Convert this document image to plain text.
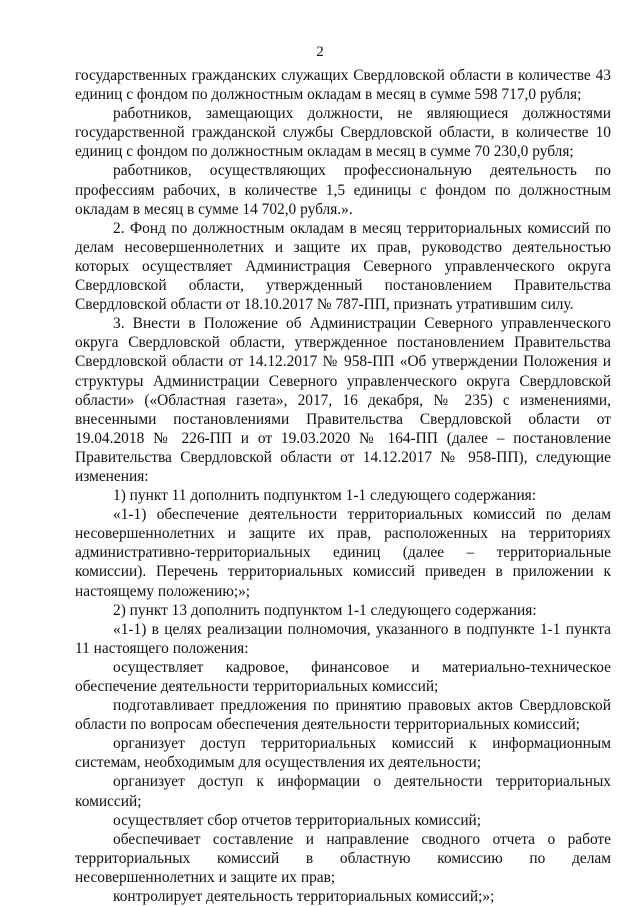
2

государственных гражданских служащих Свердловской области в количестве 43 единиц с фондом по должностным окладам в месяц в сумме 598 717,0 рубля;

работников, замещающих должности, не являющиеся должностями государственной гражданской службы Свердловской области, в количестве 10 единиц с фондом по должностным окладам в месяц в сумме 70 230,0 рубля;

работников, осуществляющих профессиональную деятельность по профессиям рабочих, в количестве 1,5 единицы с фондом по должностным окладам в месяц в сумме 14 702,0 рубля.».

2. Фонд по должностным окладам в месяц территориальных комиссий по делам несовершеннолетних и защите их прав, руководство деятельностью которых осуществляет Администрация Северного управленческого округа Свердловской области, утвержденный постановлением Правительства Свердловской области от 18.10.2017 № 787-ПП, признать утратившим силу.

3. Внести в Положение об Администрации Северного управленческого округа Свердловской области, утвержденное постановлением Правительства Свердловской области от 14.12.2017 № 958-ПП «Об утверждении Положения и структуры Администрации Северного управленческого округа Свердловской области» («Областная газета», 2017, 16 декабря, № 235) с изменениями, внесенными постановлениями Правительства Свердловской области от 19.04.2018 № 226-ПП и от 19.03.2020 № 164-ПП (далее – постановление Правительства Свердловской области от 14.12.2017 № 958-ПП), следующие изменения:

1) пункт 11 дополнить подпунктом 1-1 следующего содержания:

«1-1) обеспечение деятельности территориальных комиссий по делам несовершеннолетних и защите их прав, расположенных на территориях административно-территориальных единиц (далее – территориальные комиссии). Перечень территориальных комиссий приведен в приложении к настоящему положению;»;

2) пункт 13 дополнить подпунктом 1-1 следующего содержания:

«1-1) в целях реализации полномочия, указанного в подпункте 1-1 пункта 11 настоящего положения:

осуществляет кадровое, финансовое и материально-техническое обеспечение деятельности территориальных комиссий;

подготавливает предложения по принятию правовых актов Свердловской области по вопросам обеспечения деятельности территориальных комиссий;

организует доступ территориальных комиссий к информационным системам, необходимым для осуществления их деятельности;

организует доступ к информации о деятельности территориальных комиссий;

осуществляет сбор отчетов территориальных комиссий;

обеспечивает составление и направление сводного отчета о работе территориальных комиссий в областную комиссию по делам несовершеннолетних и защите их прав;

контролирует деятельность территориальных комиссий;»;
